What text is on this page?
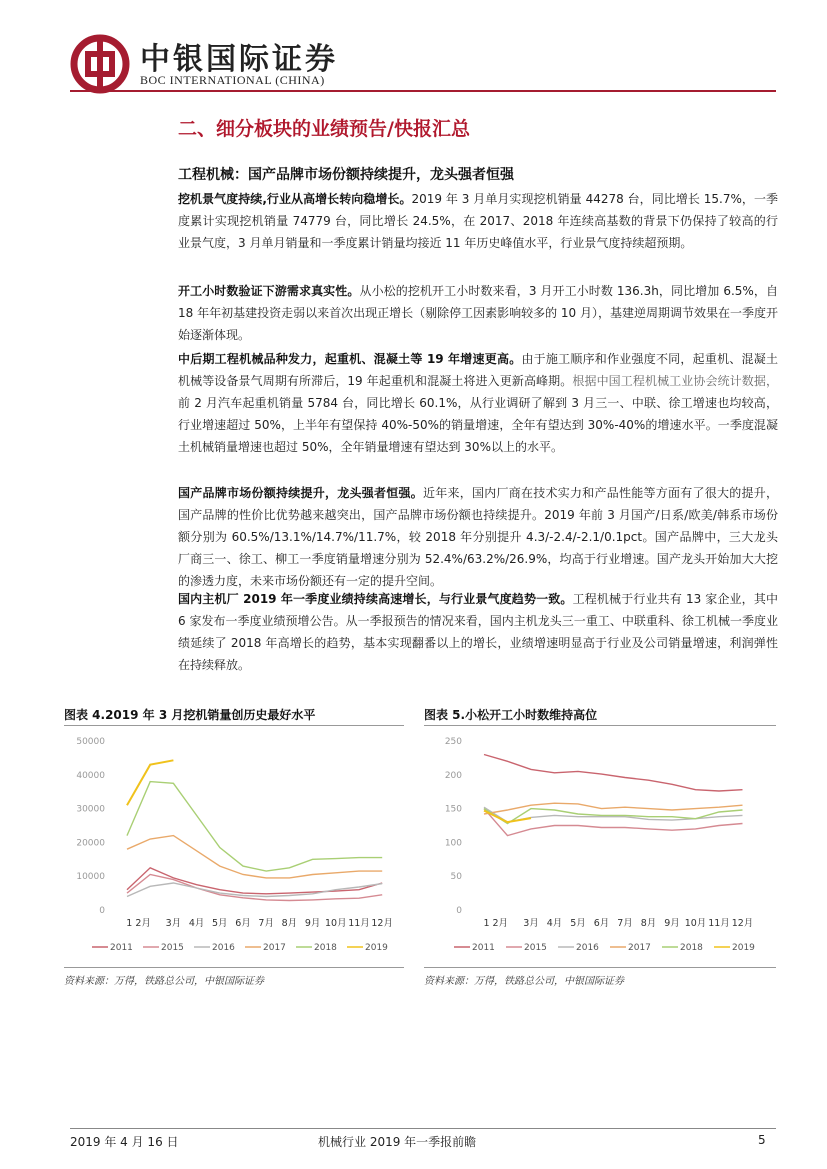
中银国际证券
BOC INTERNATIONAL (CHINA)
二、细分板块的业绩预告/快报汇总
工程机械：国产品牌市场份额持续提升，龙头强者恒强

挖机景气度持续,行业从高增长转向稳增长。2019 年 3 月单月实现挖机销量 44278 台，同比增长 15.7%，一季度累计实现挖机销量 74779 台，同比增长 24.5%，在 2017、2018 年连续高基数的背景下仍保持了较高的行业景气度，3 月单月销量和一季度累计销量均接近 11 年历史峰值水平，行业景气度持续超预期。

开工小时数验证下游需求真实性。从小松的挖机开工小时数来看，3 月开工小时数 136.3h，同比增加 6.5%，自 18 年年初基建投资走弱以来首次出现正增长（剔除停工因素影响较多的 10 月），基建逆周期调节效果在一季度开始逐渐体现。

中后期工程机械品种发力，起重机、混凝土等 19 年增速更高。由于施工顺序和作业强度不同，起重机、混凝土机械等设备景气周期有所滞后，19 年起重机和混凝土将进入更新高峰期。根据中国工程机械工业协会统计数据，前 2 月汽车起重机销量 5784 台，同比增长 60.1%，从行业调研了解到 3 月三一、中联、徐工增速也均较高，行业增速超过 50%，上半年有望保持 40%-50%的销量增速，全年有望达到 30%-40%的增速水平。一季度混凝土机械销量增速也超过 50%，全年销量增速有望达到 30%以上的水平。

国产品牌市场份额持续提升，龙头强者恒强。近年来，国内厂商在技术实力和产品性能等方面有了很大的提升，国产品牌的性价比优势越来越突出，国产品牌市场份额也持续提升。2019 年前 3 月国产/日系/欧美/韩系市场份额分别为 60.5%/13.1%/14.7%/11.7%，较 2018 年分别提升 4.3/-2.4/-2.1/0.1pct。国产品牌中，三大龙头厂商三一、徐工、柳工一季度销量增速分别为 52.4%/63.2%/26.9%，均高于行业增速。国产龙头开始加大大挖的渗透力度，未来市场份额还有一定的提升空间。

国内主机厂 2019 年一季度业绩持续高速增长，与行业景气度趋势一致。工程机械于行业共有 13 家企业，其中 6 家发布一季度业绩预增公告。从一季报预告的情况来看，国内主机龙头三一重工、中联重科、徐工机械一季度业绩延续了 2018 年高增长的趋势，基本实现翻番以上的增长，业绩增速明显高于行业及公司销量增速，利润弹性在持续释放。

图表 4.2019 年 3 月挖机销量创历史最好水平
0
10000
20000
30000
40000
50000
1 2月 3月 4月 5月 6月 7月 8月 9月 10月 11月 12月
2011	2015	2016	2017	2018	2019
资料来源：万得，铁路总公司，中银国际证券
图表 5.小松开工小时数维持高位
0
50
100
150
200
250
1 2月 3月 4月 5月 6月 7月 8月 9月 10月 11月 12月
2011	2015	2016	2017	2018	2019
资料来源：万得，铁路总公司，中银国际证券
2019 年 4 月 16 日	机械行业 2019 年一季报前瞻	5
